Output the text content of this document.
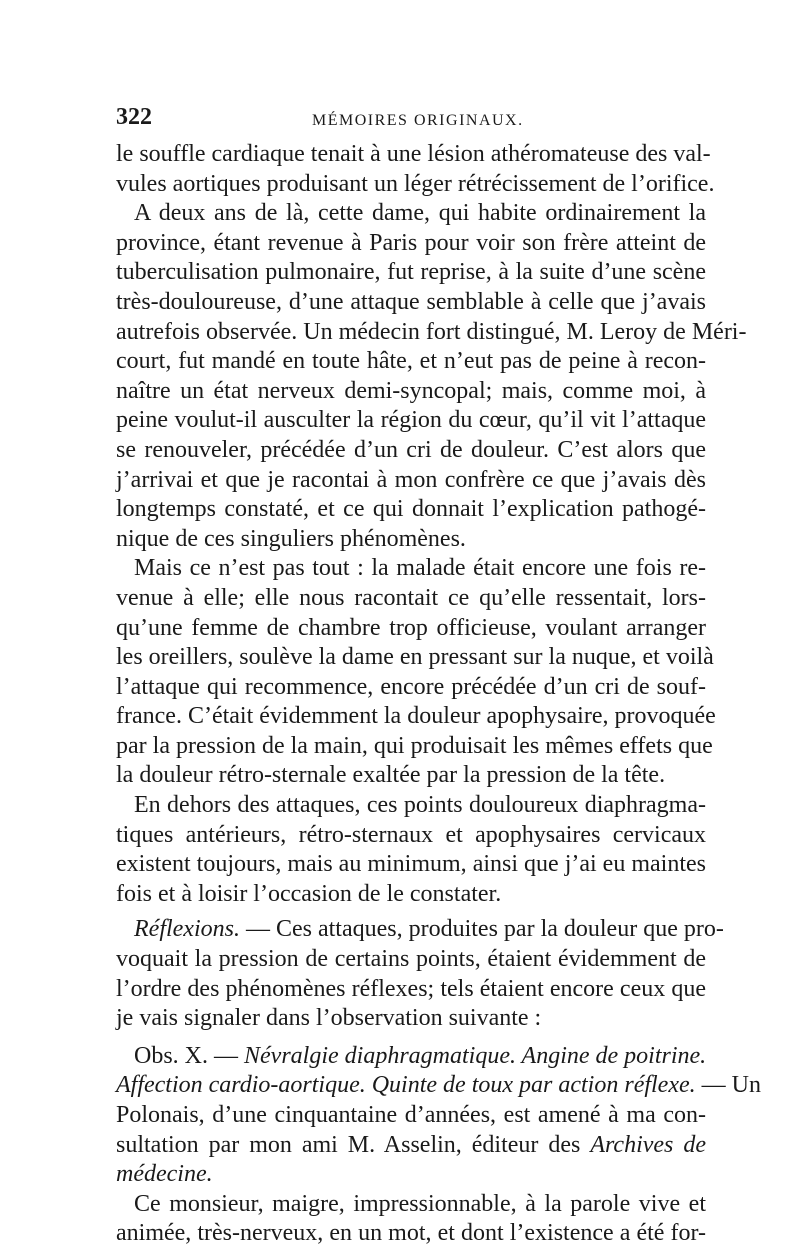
322	MÉMOIRES ORIGINAUX.
le souffle cardiaque tenait à une lésion athéromateuse des val-
vules aortiques produisant un léger rétrécissement de l’orifice.
A deux ans de là, cette dame, qui habite ordinairement la
province, étant revenue à Paris pour voir son frère atteint de
tuberculisation pulmonaire, fut reprise, à la suite d’une scène
très-douloureuse, d’une attaque semblable à celle que j’avais
autrefois observée. Un médecin fort distingué, M. Leroy de Méri-
court, fut mandé en toute hâte, et n’eut pas de peine à recon-
naître un état nerveux demi-syncopal; mais, comme moi, à
peine voulut-il ausculter la région du cœur, qu’il vit l’attaque
se renouveler, précédée d’un cri de douleur. C’est alors que
j’arrivai et que je racontai à mon confrère ce que j’avais dès
longtemps constaté, et ce qui donnait l’explication pathogé-
nique de ces singuliers phénomènes.
Mais ce n’est pas tout : la malade était encore une fois re-
venue à elle; elle nous racontait ce qu’elle ressentait, lors-
qu’une femme de chambre trop officieuse, voulant arranger
les oreillers, soulève la dame en pressant sur la nuque, et voilà
l’attaque qui recommence, encore précédée d’un cri de souf-
france. C’était évidemment la douleur apophysaire, provoquée
par la pression de la main, qui produisait les mêmes effets que
la douleur rétro-sternale exaltée par la pression de la tête.
En dehors des attaques, ces points douloureux diaphragma-
tiques antérieurs, rétro-sternaux et apophysaires cervicaux
existent toujours, mais au minimum, ainsi que j’ai eu maintes
fois et à loisir l’occasion de le constater.
Réflexions. — Ces attaques, produites par la douleur que pro-
voquait la pression de certains points, étaient évidemment de
l’ordre des phénomènes réflexes; tels étaient encore ceux que
je vais signaler dans l’observation suivante :
Obs. X. — Névralgie diaphragmatique. Angine de poitrine.
Affection cardio-aortique. Quinte de toux par action réflexe. — Un
Polonais, d’une cinquantaine d’années, est amené à ma con-
sultation par mon ami M. Asselin, éditeur des Archives de
médecine.
Ce monsieur, maigre, impressionnable, à la parole vive et
animée, très-nerveux, en un mot, et dont l’existence a été for-
